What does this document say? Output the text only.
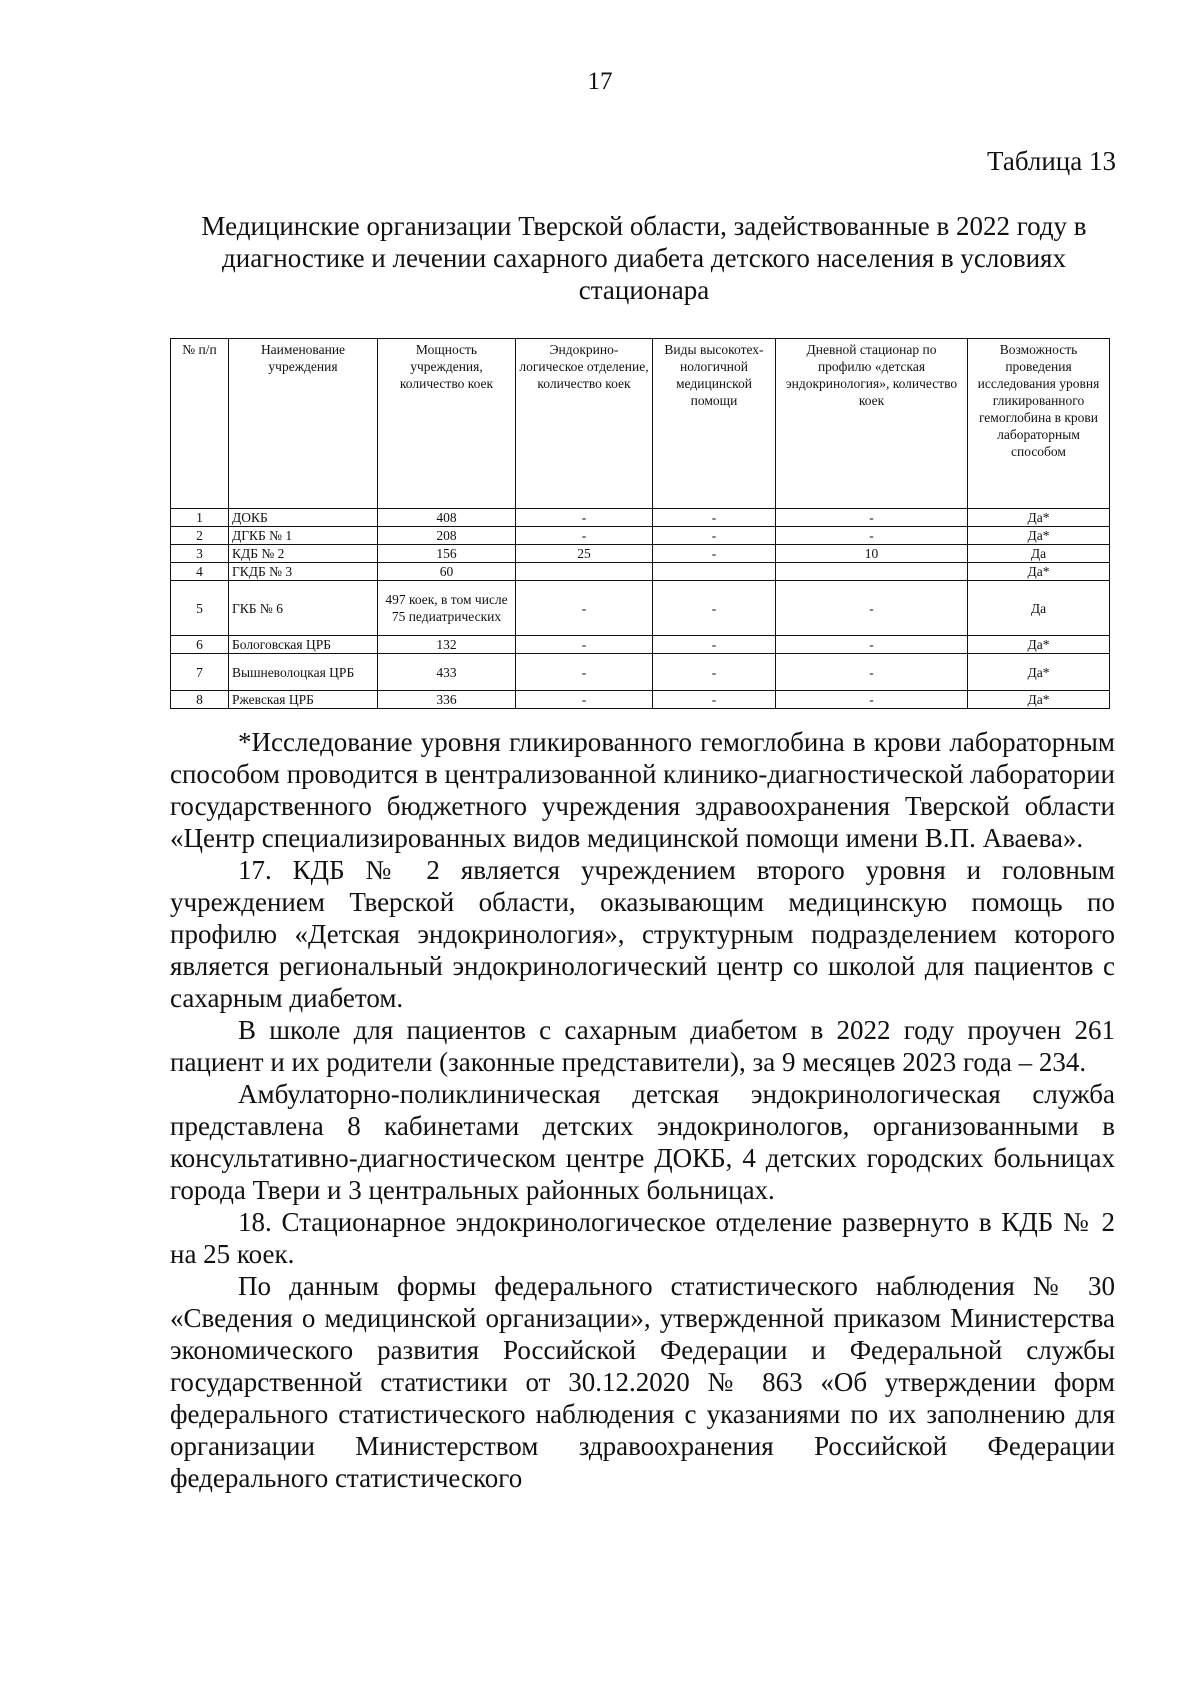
17
Таблица 13
Медицинские организации Тверской области, задействованные в 2022 году в диагностике и лечении сахарного диабета детского населения в условиях стационара
№ п/п	Наименование учреждения	Мощность учреждения, количество коек	Эндокрино-логическое отделение, количество коек	Виды высокотех-нологичной медицинской помощи	Дневной стационар по профилю «детская эндокринология», количество коек	Возможность проведения исследования уровня гликированного гемоглобина в крови лабораторным способом
1	ДОКБ	408	-	-	-	Да*
2	ДГКБ № 1	208	-	-	-	Да*
3	КДБ № 2	156	25	-	10	Да
4	ГКДБ № 3	60				Да*
5	ГКБ № 6	497 коек, в том числе 75 педиатрических	-	-	-	Да
6	Бологовская ЦРБ	132	-	-	-	Да*
7	Вышневолоцкая ЦРБ	433	-	-	-	Да*
8	Ржевская ЦРБ	336	-	-	-	Да*

*Исследование уровня гликированного гемоглобина в крови лабораторным способом проводится в централизованной клинико-диагностической лаборатории государственного бюджетного учреждения здравоохранения Тверской области «Центр специализированных видов медицинской помощи имени В.П. Аваева».

17. КДБ № 2 является учреждением второго уровня и головным учреждением Тверской области, оказывающим медицинскую помощь по профилю «Детская эндокринология», структурным подразделением которого является региональный эндокринологический центр со школой для пациентов с сахарным диабетом.

В школе для пациентов с сахарным диабетом в 2022 году проучен 261 пациент и их родители (законные представители), за 9 месяцев 2023 года – 234.

Амбулаторно-поликлиническая детская эндокринологическая служба представлена 8 кабинетами детских эндокринологов, организованными в консультативно-диагностическом центре ДОКБ, 4 детских городских больницах города Твери и 3 центральных районных больницах.

18. Стационарное эндокринологическое отделение развернуто в КДБ № 2 на 25 коек.

По данным формы федерального статистического наблюдения № 30 «Сведения о медицинской организации», утвержденной приказом Министерства экономического развития Российской Федерации и Федеральной службы государственной статистики от 30.12.2020 № 863 «Об утверждении форм федерального статистического наблюдения с указаниями по их заполнению для организации Министерством здравоохранения Российской Федерации федерального статистического
